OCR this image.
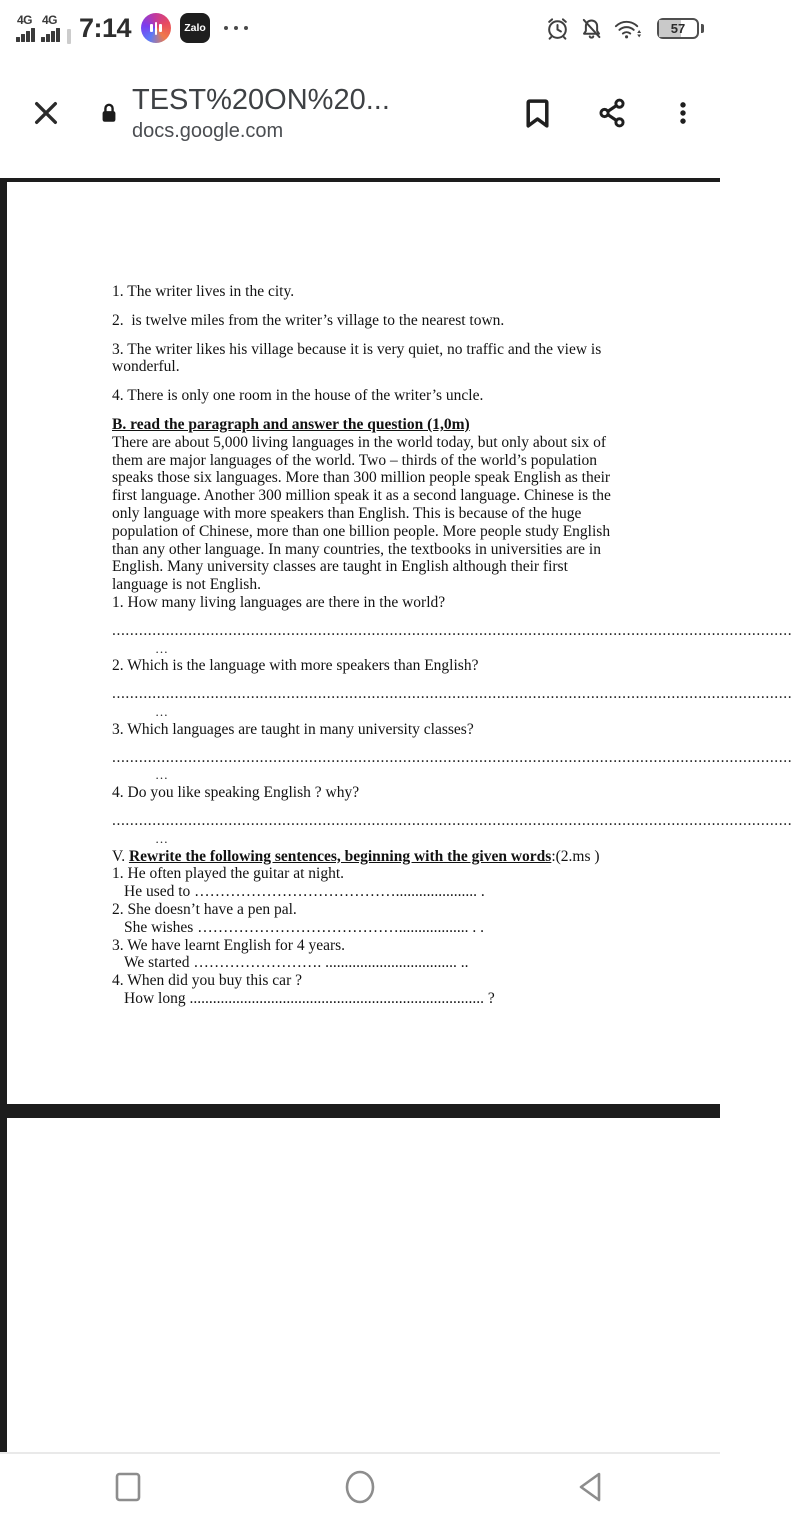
4G 4G 7:14	Zalo	57
TEST%20ON%20...
docs.google.com

1. The writer lives in the city.

2.  is twelve miles from the writer’s village to the nearest town.

3. The writer likes his village because it is very quiet, no traffic and the view is wonderful.

4. There is only one room in the house of the writer’s uncle.

B. read the paragraph and answer the question (1,0m)

There are about 5,000 living languages in the world today, but only about six of them are major languages of the world. Two – thirds of the world’s population speaks those six languages. More than 300 million people speak English as their first language. Another 300 million speak it as a second language. Chinese is the only language with more speakers than English. This is because of the huge population of Chinese, more than one billion people. More people study English than any other language. In many countries, the textbooks in universities are in English. Many university classes are taught in English although their first language is not English.

1. How many living languages are there in the world?

........................................................................................................................................................
…

2. Which is the language with more speakers than English?

........................................................................................................................................................
…

3. Which languages are taught in many university classes?

........................................................................................................................................................
…

4. Do you like speaking English ? why?

........................................................................................................................................................
…

V. Rewrite the following sentences, beginning with the given words:(2.ms )

1. He often played the guitar at night.

He used to …………………………………..................... .

2. She doesn’t have a pen pal.

She wishes ………………………………….................. . .

3. We have learnt English for 4 years.

We started ……………………. .................................. ..

4. When did you buy this car ?

How long ............................................................................ ?
